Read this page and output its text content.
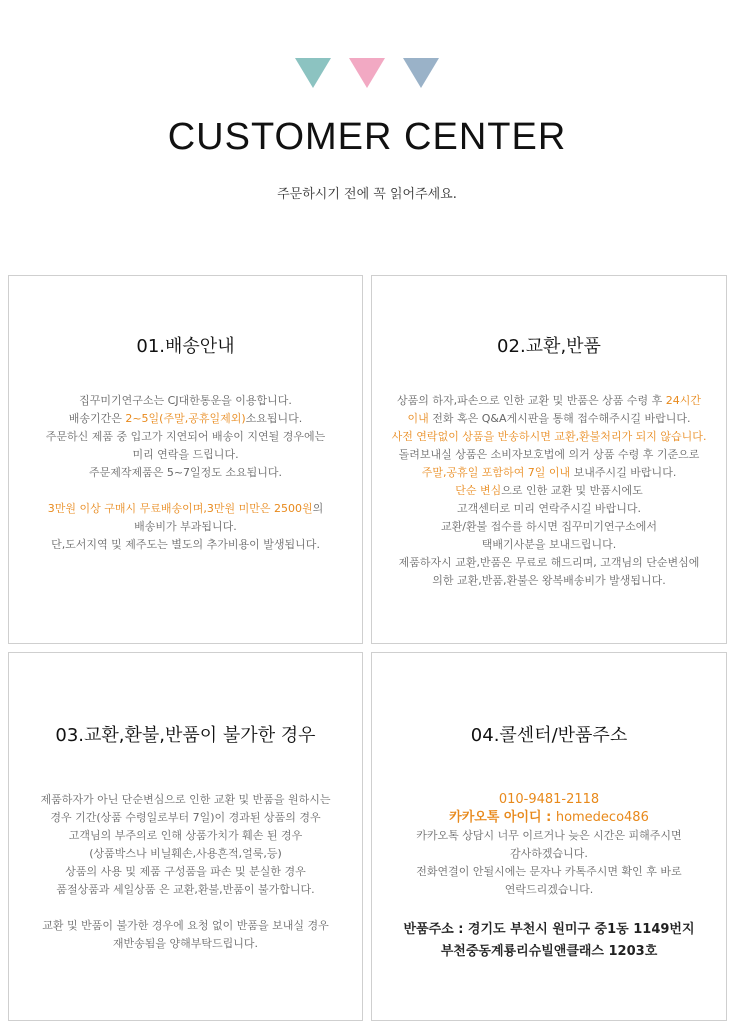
CUSTOMER CENTER
주문하시기 전에 꼭 읽어주세요.
01.배송안내

집꾸미기연구소는 CJ대한통운을 이용합니다.
배송기간은 2~5일(주말,공휴일제외)소요됩니다.
주문하신 제품 중 입고가 지연되어 배송이 지연될 경우에는
미리 연락을 드립니다.
주문제작제품은 5~7일정도 소요됩니다.

3만원 이상 구매시 무료배송이며,3만원 미만은 2500원의
배송비가 부과됩니다.
단,도서지역 및 제주도는 별도의 추가비용이 발생됩니다.

02.교환,반품

상품의 하자,파손으로 인한 교환 및 반품은 상품 수령 후 24시간
이내 전화 혹은 Q&A게시판을 통해 접수해주시길 바랍니다.
사전 연락없이 상품을 반송하시면 교환,환불처리가 되지 않습니다.
돌려보내실 상품은 소비자보호법에 의거 상품 수령 후 기준으로
주말,공휴일 포함하여 7일 이내 보내주시길 바랍니다.
단순 변심으로 인한 교환 및 반품시에도
고객센터로 미리 연락주시길 바랍니다.
교환/환불 접수를 하시면 집꾸미기연구소에서
택배기사분을 보내드립니다.
제품하자시 교환,반품은 무료로 해드리며, 고객님의 단순변심에
의한 교환,반품,환불은 왕복배송비가 발생됩니다.

03.교환,환불,반품이 불가한 경우

제품하자가 아닌 단순변심으로 인한 교환 및 반품을 원하시는
경우 기간(상품 수령일로부터 7일)이 경과된 상품의 경우
고객님의 부주의로 인해 상품가치가 훼손 된 경우
(상품박스나 비닐훼손,사용흔적,얼룩,등)
상품의 사용 및 제품 구성품을 파손 및 분실한 경우
품절상품과 세일상품 은 교환,환불,반품이 불가합니다.

교환 및 반품이 불가한 경우에 요청 없이 반품을 보내실 경우
재반송됨을 양해부탁드립니다.

04.콜센터/반품주소
010-9481-2118
카카오톡 아이디 : homedeco486

카카오톡 상담시 너무 이르거나 늦은 시간은 피해주시면
감사하겠습니다.
전화연결이 안될시에는 문자나 카톡주시면 확인 후 바로
연락드리겠습니다.

반품주소 : 경기도 부천시 원미구 중1동 1149번지
부천중동계룡리슈빌앤클래스 1203호
